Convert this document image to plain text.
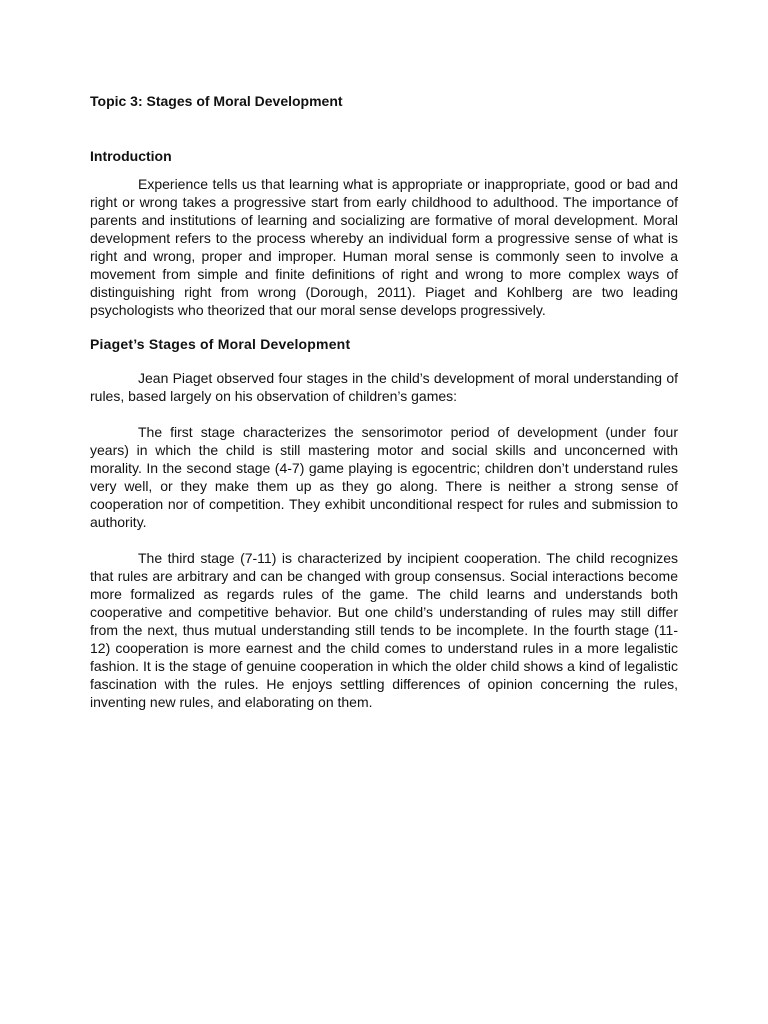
Topic 3: Stages of Moral Development
Introduction

Experience tells us that learning what is appropriate or inappropriate, good or bad and right or wrong takes a progressive start from early childhood to adulthood. The importance of parents and institutions of learning and socializing are formative of moral development. Moral development refers to the process whereby an individual form a progressive sense of what is right and wrong, proper and improper. Human moral sense is commonly seen to involve a movement from simple and finite definitions of right and wrong to more complex ways of distinguishing right from wrong (Dorough, 2011). Piaget and Kohlberg are two leading psychologists who theorized that our moral sense develops progressively.

Piaget’s Stages of Moral Development

Jean Piaget observed four stages in the child’s development of moral understanding of rules, based largely on his observation of children’s games:

The first stage characterizes the sensorimotor period of development (under four years) in which the child is still mastering motor and social skills and unconcerned with morality. In the second stage (4-7) game playing is egocentric; children don’t understand rules very well, or they make them up as they go along. There is neither a strong sense of cooperation nor of competition. They exhibit unconditional respect for rules and submission to authority.

The third stage (7-11) is characterized by incipient cooperation. The child recognizes that rules are arbitrary and can be changed with group consensus. Social interactions become more formalized as regards rules of the game. The child learns and understands both cooperative and competitive behavior. But one child’s understanding of rules may still differ from the next, thus mutual understanding still tends to be incomplete. In the fourth stage (11-12) cooperation is more earnest and the child comes to understand rules in a more legalistic fashion. It is the stage of genuine cooperation in which the older child shows a kind of legalistic fascination with the rules. He enjoys settling differences of opinion concerning the rules, inventing new rules, and elaborating on them.
